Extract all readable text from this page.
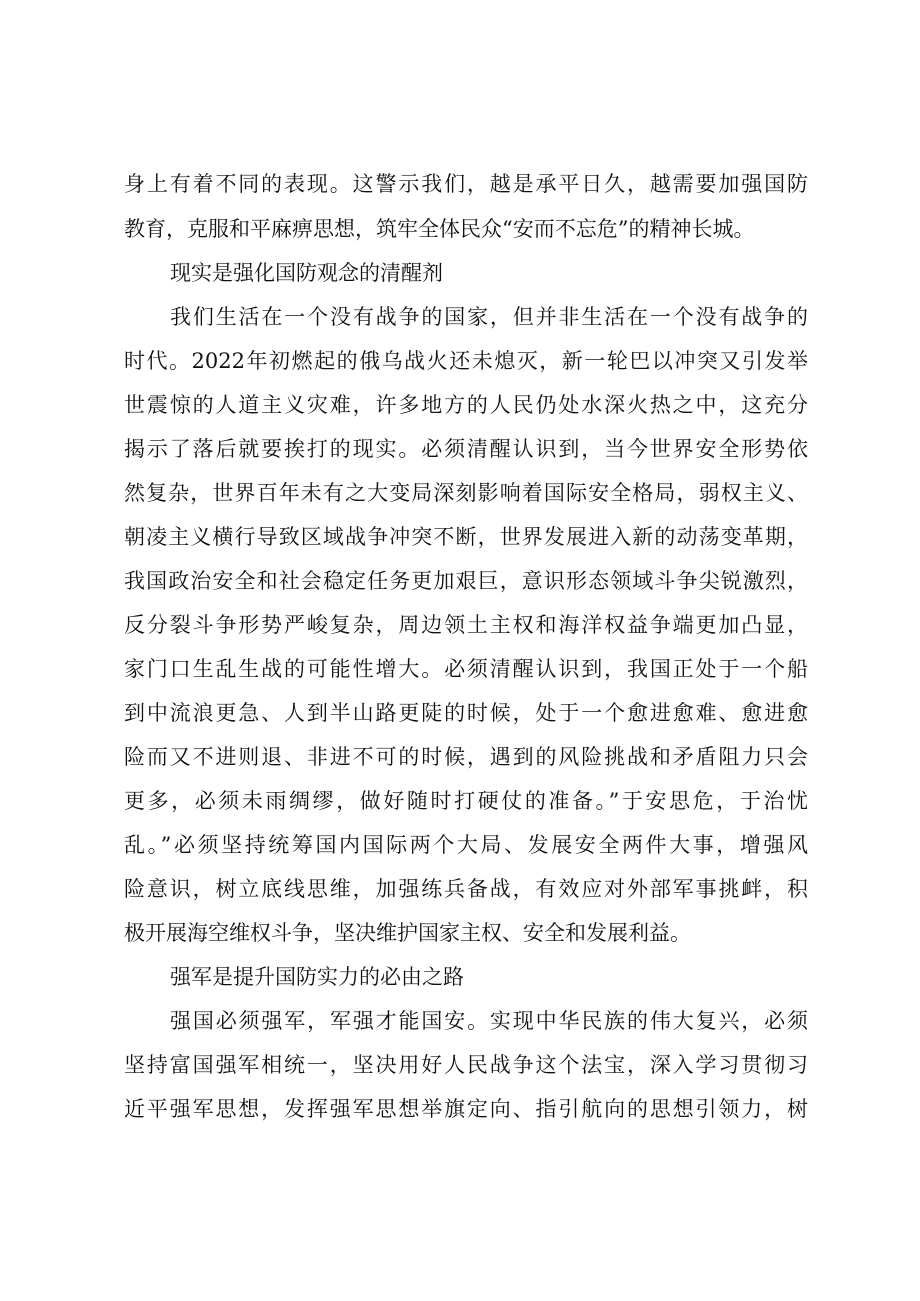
身上有着不同的表现。这警示我们，越是承平日久，越需要加强国防
教育，克服和平麻痹思想，筑牢全体民众“安而不忘危”的精神长城。
现实是强化国防观念的清醒剂
我们生活在一个没有战争的国家，但并非生活在一个没有战争的
时代。2022年初燃起的俄乌战火还未熄灭，新一轮巴以冲突又引发举
世震惊的人道主义灾难，许多地方的人民仍处水深火热之中，这充分
揭示了落后就要挨打的现实。必须清醒认识到，当今世界安全形势依
然复杂，世界百年未有之大变局深刻影响着国际安全格局，弱权主义、
朝凌主义横行导致区域战争冲突不断，世界发展进入新的动荡变革期，
我国政治安全和社会稳定任务更加艰巨，意识形态领域斗争尖锐激烈，
反分裂斗争形势严峻复杂，周边领土主权和海洋权益争端更加凸显，
家门口生乱生战的可能性增大。必须清醒认识到，我国正处于一个船
到中流浪更急、人到半山路更陡的时候，处于一个愈进愈难、愈进愈
险而又不进则退、非进不可的时候，遇到的风险挑战和矛盾阻力只会
更多，必须未雨绸缪，做好随时打硬仗的准备。”于安思危，于治忧
乱。”必须坚持统筹国内国际两个大局、发展安全两件大事，增强风
险意识，树立底线思维，加强练兵备战，有效应对外部军事挑衅，积
极开展海空维权斗争，坚决维护国家主权、安全和发展利益。
强军是提升国防实力的必由之路
强国必须强军，军强才能国安。实现中华民族的伟大复兴，必须
坚持富国强军相统一，坚决用好人民战争这个法宝，深入学习贯彻习
近平强军思想，发挥强军思想举旗定向、指引航向的思想引领力，树
